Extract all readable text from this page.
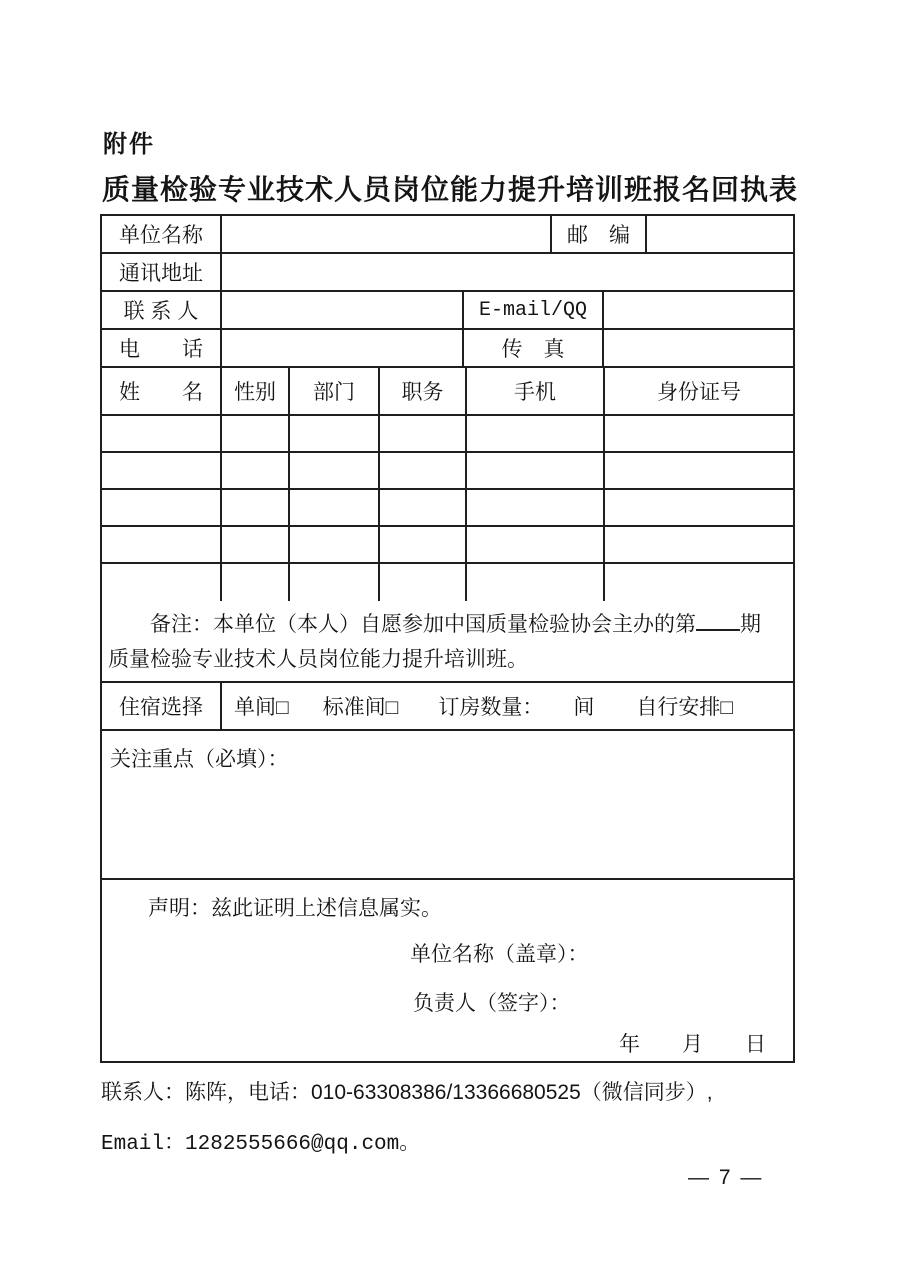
附件
质量检验专业技术人员岗位能力提升培训班报名回执表
单位名称	邮　编
通讯地址
联 系 人	E-mail/QQ
电　　话	传　真
姓　　名 性别 部门 职务	手机	身份证号
备注：本单位（本人）自愿参加中国质量检验协会主办的第 期
质量检验专业技术人员岗位能力提升培训班。
住宿选择 单间□ 标准间□ 订房数量： 间 自行安排□
关注重点（必填）：
声明：兹此证明上述信息属实。
单位名称（盖章）：
负责人（签字）：
年　　月　　日
联系人：陈阵，电话：010-63308386/13366680525（微信同步）,
Email：1282555666@qq.com。
— 7 —
